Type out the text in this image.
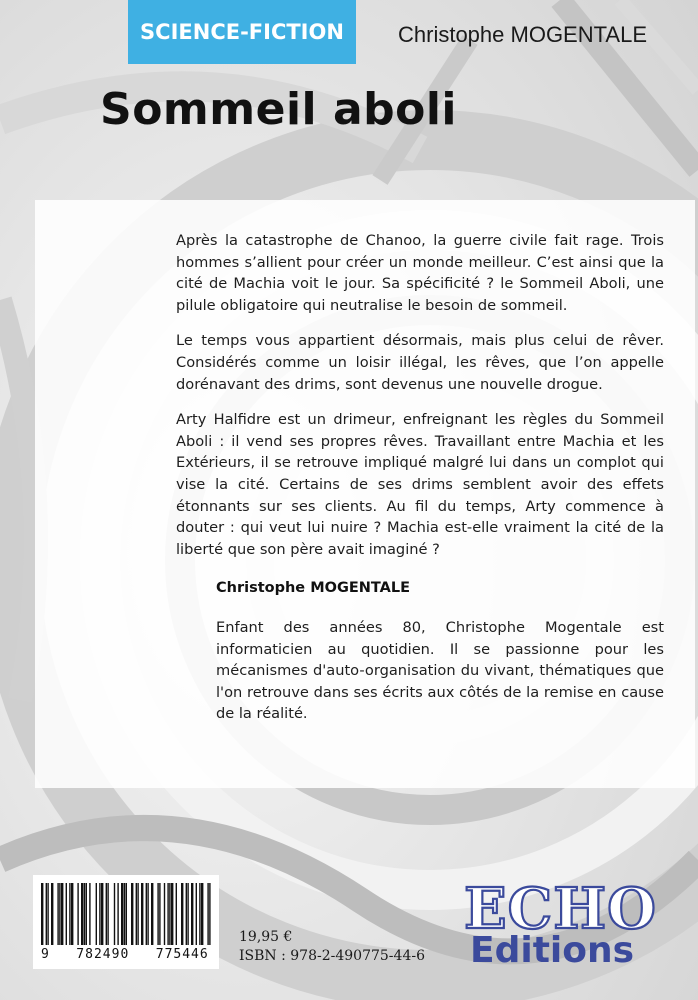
SCIENCE-FICTION	Christophe MOGENTALE
Sommeil aboli

Après la catastrophe de Chanoo, la guerre civile fait rage. Trois hommes s’allient pour créer un monde meilleur. C’est ainsi que la cité de Machia voit le jour. Sa spécificité ? le Sommeil Aboli, une pilule obligatoire qui neutralise le besoin de sommeil.

Le temps vous appartient désormais, mais plus celui de rêver. Considérés comme un loisir illégal, les rêves, que l’on appelle dorénavant des drims, sont devenus une nouvelle drogue.

Arty Halfidre est un drimeur, enfreignant les règles du Sommeil Aboli : il vend ses propres rêves. Travaillant entre Machia et les Extérieurs, il se retrouve impliqué malgré lui dans un complot qui vise la cité. Certains de ses drims semblent avoir des effets étonnants sur ses clients. Au fil du temps, Arty commence à douter : qui veut lui nuire ? Machia est-elle vraiment la cité de la liberté que son père avait imaginé ?

Christophe MOGENTALE

Enfant des années 80, Christophe Mogentale est informaticien au quotidien. Il se passionne pour les mécanismes d'auto-organisation du vivant, thématiques que l'on retrouve dans ses écrits aux côtés de la remise en cause de la réalité.

9   782490   775446
19,95 €
ISBN : 978-2-490775-44-6
ECHO
Editions
